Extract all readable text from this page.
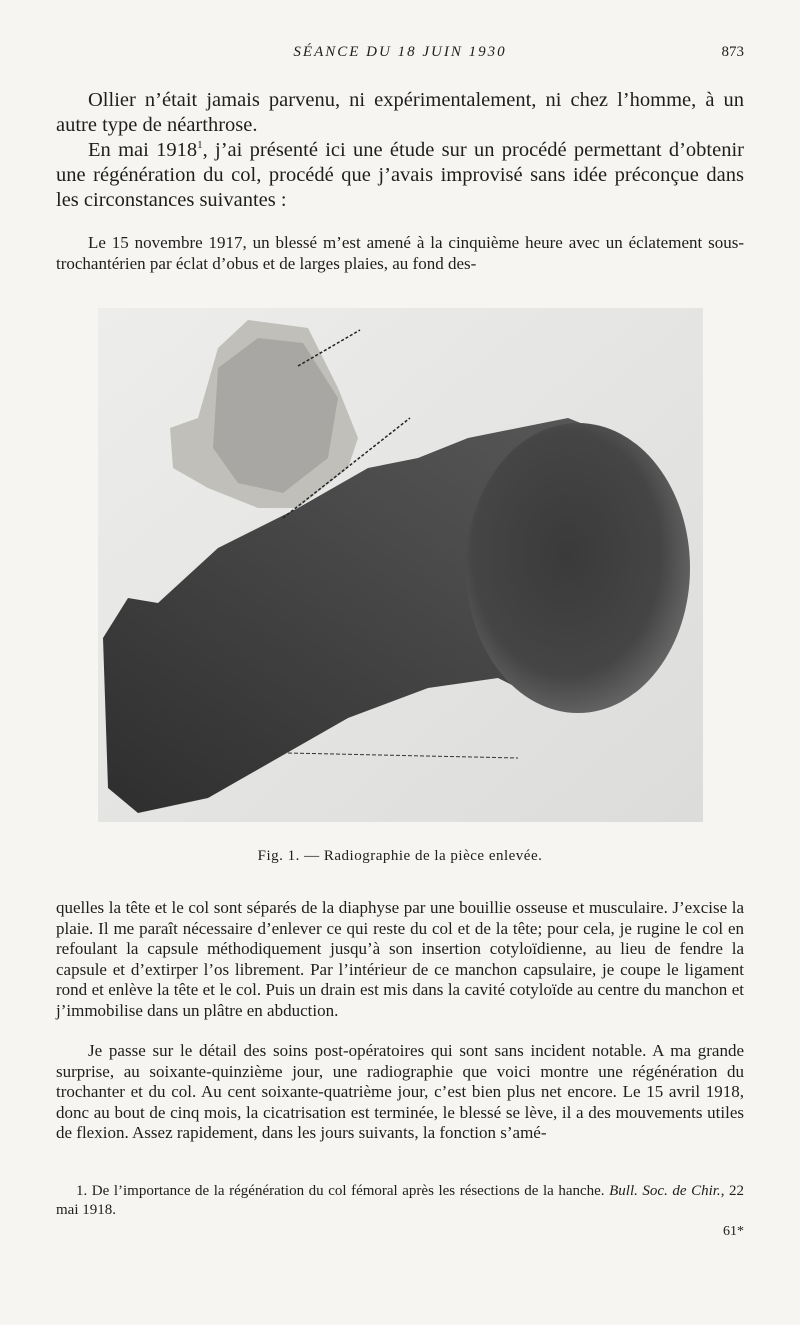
SÉANCE DU 18 JUIN 1930	873

Ollier n’était jamais parvenu, ni expérimentalement, ni chez l’homme, à un autre type de néarthrose.

En mai 1918$^1$, j’ai présenté ici une étude sur un procédé permettant d’obtenir une régénération du col, procédé que j’avais improvisé sans idée préconçue dans les circonstances suivantes :

Le 15 novembre 1917, un blessé m’est amené à la cinquième heure avec un éclatement sous-trochantérien par éclat d’obus et de larges plaies, au fond des-

Fig. 1. — Radiographie de la pièce enlevée.

quelles la tête et le col sont séparés de la diaphyse par une bouillie osseuse et musculaire. J’excise la plaie. Il me paraît nécessaire d’enlever ce qui reste du col et de la tête; pour cela, je rugine le col en refoulant la capsule méthodiquement jusqu’à son insertion cotyloïdienne, au lieu de fendre la capsule et d’extirper l’os librement. Par l’intérieur de ce manchon capsulaire, je coupe le ligament rond et enlève la tête et le col. Puis un drain est mis dans la cavité cotyloïde au centre du manchon et j’immobilise dans un plâtre en abduction.

Je passe sur le détail des soins post-opératoires qui sont sans incident notable. A ma grande surprise, au soixante-quinzième jour, une radiographie que voici montre une régénération du trochanter et du col. Au cent soixante-quatrième jour, c’est bien plus net encore. Le 15 avril 1918, donc au bout de cinq mois, la cicatrisation est terminée, le blessé se lève, il a des mouvements utiles de flexion. Assez rapidement, dans les jours suivants, la fonction s’amé-

1. De l’importance de la régénération du col fémoral après les résections de la hanche. Bull. Soc. de Chir., 22 mai 1918.

61*
